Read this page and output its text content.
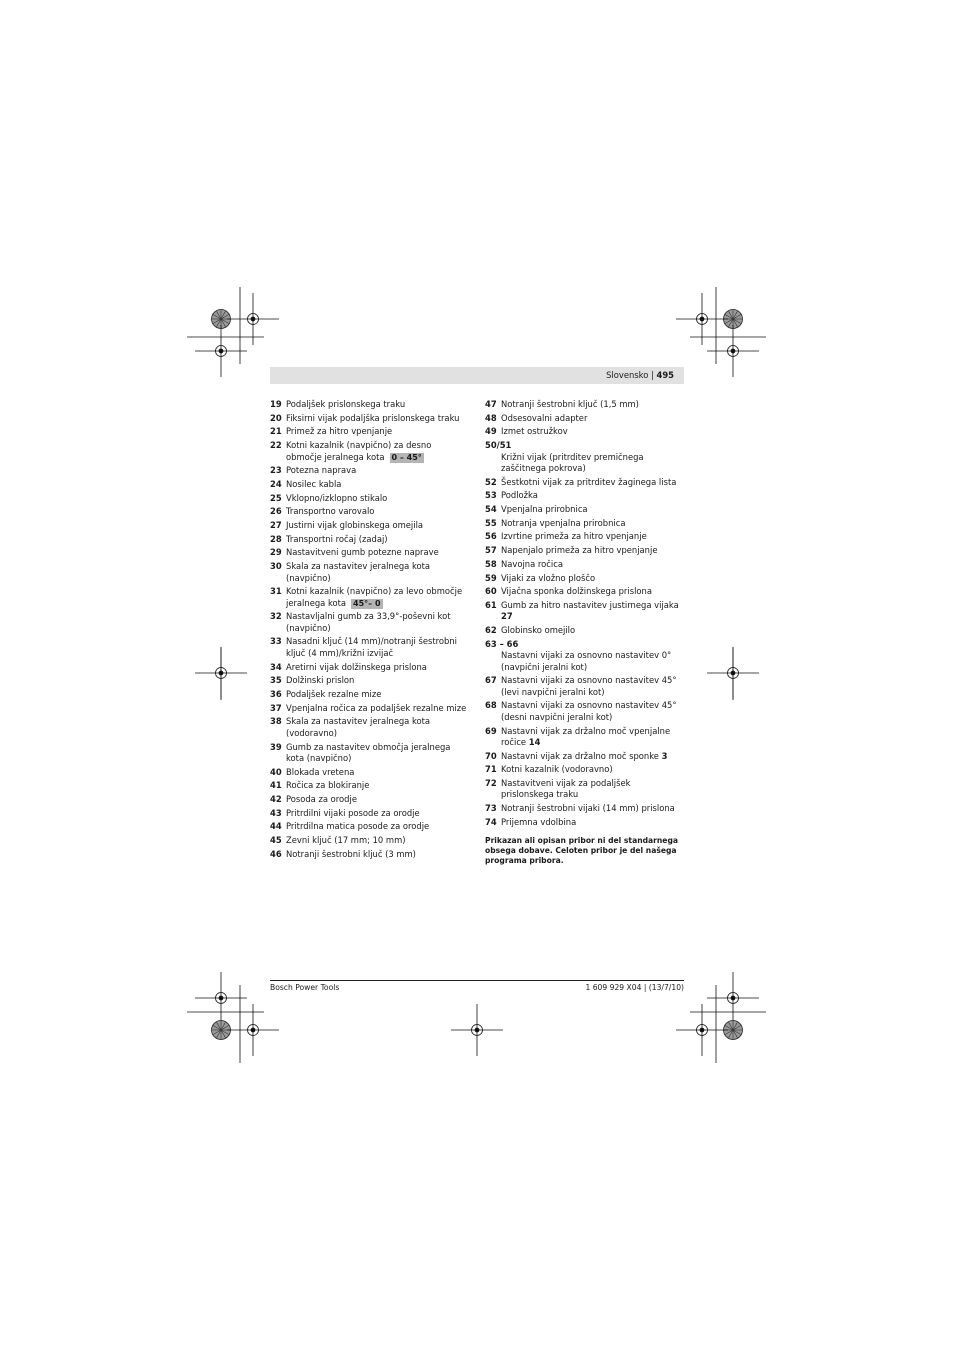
Slovensko | 495
19 Podaljšek prislonskega traku
20 Fiksirni vijak podaljška prislonskega traku
21 Primež za hitro vpenjanje
22 Kotni kazalnik (navpično) za desno območje jeralnega kota 0 – 45°
23 Potezna naprava
24 Nosilec kabla
25 Vklopno/izklopno stikalo
26 Transportno varovalo
27 Justirni vijak globinskega omejila
28 Transportni ročaj (zadaj)
29 Nastavitveni gumb potezne naprave
30 Skala za nastavitev jeralnega kota (navpično)
31 Kotni kazalnik (navpično) za levo območje jeralnega kota 45°– 0
32 Nastavljalni gumb za 33,9°-poševni kot (navpično)
33 Nasadni ključ (14 mm)/notranji šestrobni ključ (4 mm)/križni izvijač
34 Aretirni vijak dolžinskega prislona
35 Dolžinski prislon
36 Podaljšek rezalne mize
37 Vpenjalna ročica za podaljšek rezalne mize
38 Skala za nastavitev jeralnega kota (vodoravno)
39 Gumb za nastavitev območja jeralnega kota (navpično)
40 Blokada vretena
41 Ročica za blokiranje
42 Posoda za orodje
43 Pritrdilni vijaki posode za orodje
44 Pritrdilna matica posode za orodje
45 Zevni ključ (17 mm; 10 mm)
46 Notranji šestrobni ključ (3 mm)
47 Notranji šestrobni ključ (1,5 mm)
48 Odsesovalni adapter
49 Izmet ostružkov
50/51
Križni vijak (pritrditev premičnega zaščitnega pokrova)
52 Šestkotni vijak za pritrditev žaginega lista
53 Podložka
54 Vpenjalna prirobnica
55 Notranja vpenjalna prirobnica
56 Izvrtine primeža za hitro vpenjanje
57 Napenjalo primeža za hitro vpenjanje
58 Navojna ročica
59 Vijaki za vložno ploščo
60 Vijačna sponka dolžinskega prislona
61 Gumb za hitro nastavitev justirnega vijaka 27
62 Globinsko omejilo
63 – 66
Nastavni vijaki za osnovno nastavitev 0° (navpični jeralni kot)
67 Nastavni vijaki za osnovno nastavitev 45° (levi navpični jeralni kot)
68 Nastavni vijaki za osnovno nastavitev 45° (desni navpični jeralni kot)
69 Nastavni vijak za držalno moč vpenjalne ročice 14
70 Nastavni vijak za držalno moč sponke 3
71 Kotni kazalnik (vodoravno)
72 Nastavitveni vijak za podaljšek prislonskega traku
73 Notranji šestrobni vijaki (14 mm) prislona
74 Prijemna vdolbina
Prikazan ali opisan pribor ni del standarnega obsega dobave. Celoten pribor je del našega programa pribora.
Bosch Power Tools	1 609 929 X04 | (13/7/10)
